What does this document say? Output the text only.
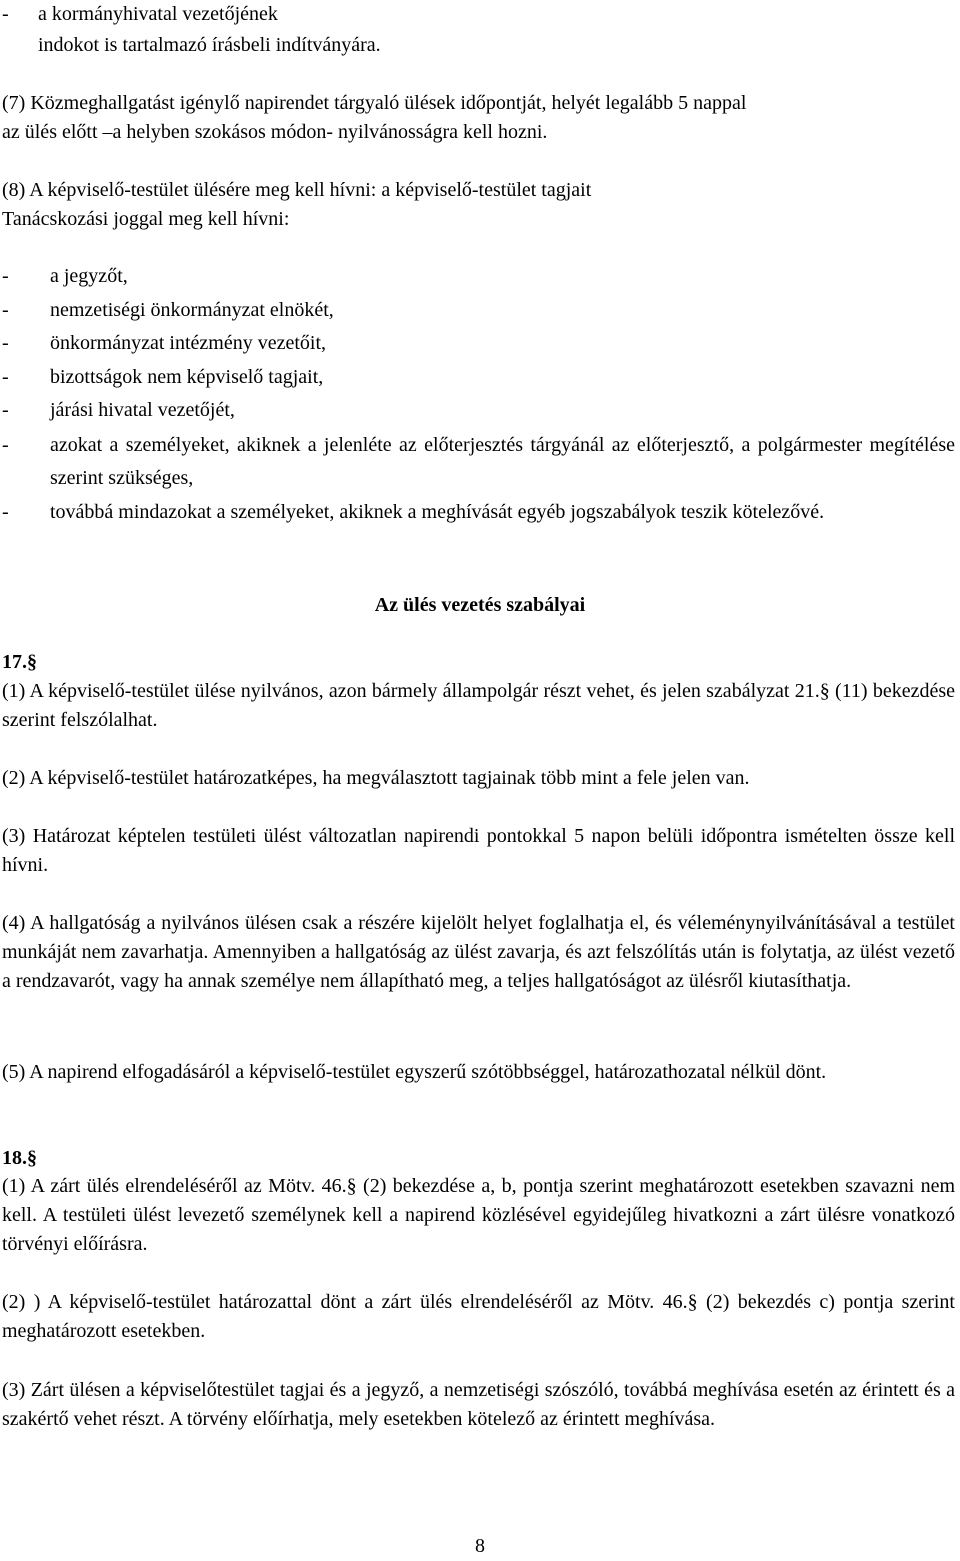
-	a kormányhivatal vezetőjének
indokot is tartalmazó írásbeli indítványára.
(7) Közmeghallgatást igénylő napirendet tárgyaló ülések időpontját, helyét legalább 5 nappal
az ülés előtt –a helyben szokásos módon- nyilvánosságra kell hozni.
(8) A képviselő-testület ülésére meg kell hívni: a képviselő-testület tagjait
Tanácskozási joggal meg kell hívni:
-	a jegyzőt,
-	nemzetiségi önkormányzat elnökét,
-	önkormányzat intézmény vezetőit,
-	bizottságok nem képviselő tagjait,
-	járási hivatal vezetőjét,
-	azokat a személyeket, akiknek a jelenléte az előterjesztés tárgyánál az előterjesztő, a polgármester megítélése szerint szükséges,
-	továbbá mindazokat a személyeket, akiknek a meghívását egyéb jogszabályok teszik kötelezővé.
Az ülés vezetés szabályai
17.§
(1) A képviselő-testület ülése nyilvános, azon bármely állampolgár részt vehet, és jelen szabályzat 21.§ (11) bekezdése szerint felszólalhat.
(2) A képviselő-testület határozatképes, ha megválasztott tagjainak több mint a fele jelen van.
(3) Határozat képtelen testületi ülést változatlan napirendi pontokkal 5 napon belüli időpontra ismételten össze kell hívni.
(4) A hallgatóság a nyilvános ülésen csak a részére kijelölt helyet foglalhatja el, és véleménynyilvánításával a testület munkáját nem zavarhatja. Amennyiben a hallgatóság az ülést zavarja, és azt felszólítás után is folytatja, az ülést vezető a rendzavarót, vagy ha annak személye nem állapítható meg, a teljes hallgatóságot az ülésről kiutasíthatja.
(5) A napirend elfogadásáról a képviselő-testület egyszerű szótöbbséggel, határozathozatal nélkül dönt.
18.§
(1) A zárt ülés elrendeléséről az Mötv. 46.§ (2) bekezdése a, b, pontja szerint meghatározott esetekben szavazni nem kell. A testületi ülést levezető személynek kell a napirend közlésével egyidejűleg hivatkozni a zárt ülésre vonatkozó törvényi előírásra.
(2) ) A képviselő-testület határozattal dönt a zárt ülés elrendeléséről az Mötv. 46.§ (2) bekezdés c) pontja szerint meghatározott esetekben.
(3) Zárt ülésen a képviselőtestület tagjai és a jegyző, a nemzetiségi szószóló, továbbá meghívása esetén az érintett és a szakértő vehet részt. A törvény előírhatja, mely esetekben kötelező az érintett meghívása.
8
